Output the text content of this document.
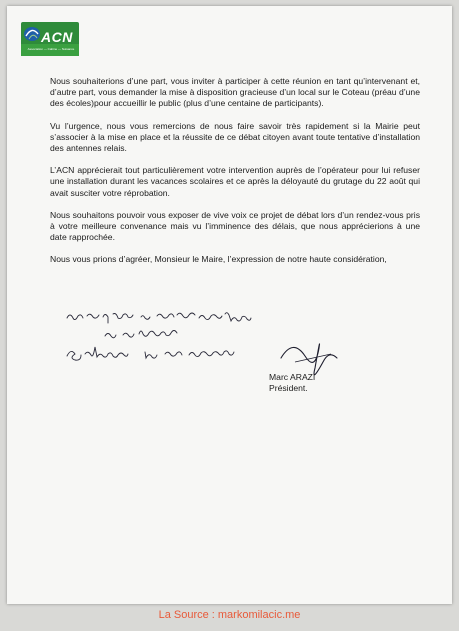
ACN
Association — Cabine — Nuisance

Nous souhaiterions d’une part, vous inviter à participer à cette réunion en tant qu’intervenant et, d’autre part, vous demander la mise à disposition gracieuse d’un local sur le Coteau (préau d’une des écoles)pour accueillir le public (plus d’une centaine de participants).

Vu l’urgence, nous vous remercions de nous faire savoir très rapidement si la Mairie peut s’associer à la mise en place et la réussite de ce débat citoyen avant toute tentative d’installation des antennes relais.

L’ACN apprécierait tout particulièrement votre intervention auprès de l’opérateur pour lui refuser une installation durant les vacances scolaires et ce après la déloyauté du grutage du 22 août qui avait susciter votre réprobation.

Nous souhaitons pouvoir vous exposer de vive voix ce projet de débat lors d’un rendez-vous pris à votre meilleure convenance mais vu l’imminence des délais, que nous apprécierions à une date rapprochée.

Nous vous prions d’agréer, Monsieur le Maire, l’expression de notre haute considération,

Marc ARAZI
Président.
La Source : markomilacic.me
